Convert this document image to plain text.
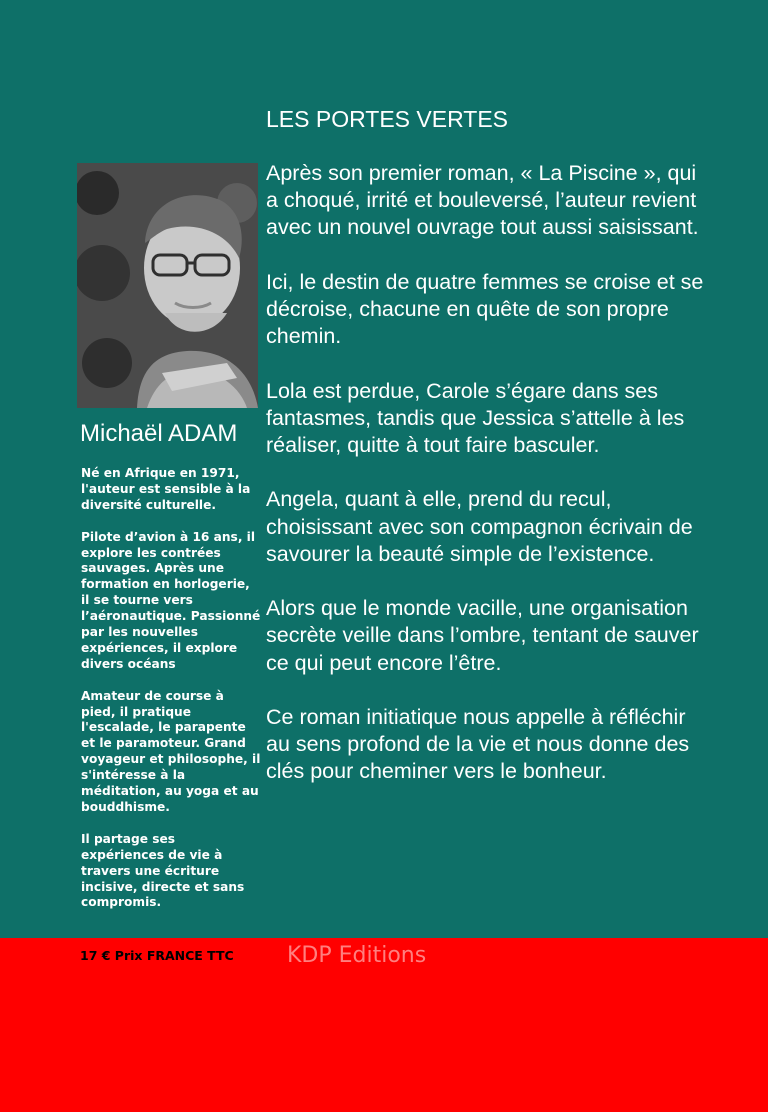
LES PORTES VERTES
Michaël ADAM

Né en Afrique en 1971, l'auteur est sensible à la diversité culturelle.

Pilote d’avion à 16 ans, il explore les contrées sauvages. Après une formation en horlogerie, il se tourne vers l’aéronautique. Passionné par les nouvelles expériences, il explore divers océans

Amateur de course à pied, il pratique l'escalade, le parapente et le paramoteur. Grand voyageur et philosophe, il s'intéresse à la méditation, au yoga et au bouddhisme.

Il partage ses expériences de vie à travers une écriture incisive, directe et sans compromis.

Après son premier roman, « La Piscine », qui a choqué, irrité et bouleversé, l’auteur revient avec un nouvel ouvrage tout aussi saisissant.

Ici, le destin de quatre femmes se croise et se décroise, chacune en quête de son propre chemin.

Lola est perdue, Carole s’égare dans ses fantasmes, tandis que Jessica s’attelle à les réaliser, quitte à tout faire basculer.

Angela, quant à elle, prend du recul, choisissant avec son compagnon écrivain de savourer la beauté simple de l’existence.

Alors que le monde vacille, une organisation secrète veille dans l’ombre, tentant de sauver ce qui peut encore l’être.

Ce roman initiatique nous appelle à réfléchir au sens profond de la vie et nous donne des clés pour cheminer vers le bonheur.

17 € Prix FRANCE TTC KDP Editions
